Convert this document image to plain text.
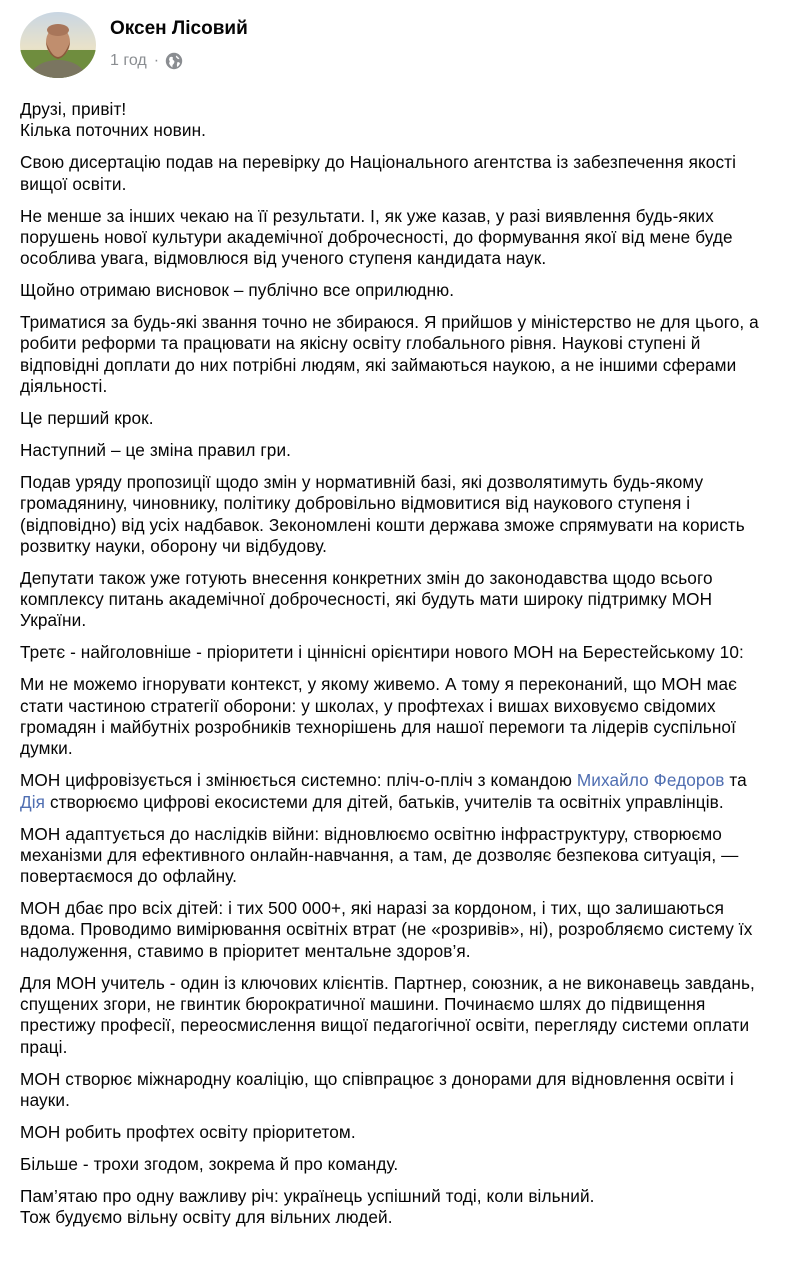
Оксен Лісовий
1 год ·

Друзі, привіт!
Кілька поточних новин.

Свою дисертацію подав на перевірку до Національного агентства із забезпечення якості вищої освіти.

Не менше за інших чекаю на її результати. І, як уже казав, у разі виявлення будь-яких порушень нової культури академічної доброчесності, до формування якої від мене буде особлива увага, відмовлюся від ученого ступеня кандидата наук.

Щойно отримаю висновок – публічно все оприлюдню.

Триматися за будь-які звання точно не збираюся. Я прийшов у міністерство не для цього, а робити реформи та працювати на якісну освіту глобального рівня. Наукові ступені й відповідні доплати до них потрібні людям, які займаються наукою, а не іншими сферами діяльності.

Це перший крок.

Наступний – це зміна правил гри.

Подав уряду пропозиції щодо змін у нормативній базі, які дозволятимуть будь-якому громадянину, чиновнику, політику добровільно відмовитися від наукового ступеня і (відповідно) від усіх надбавок. Зекономлені кошти держава зможе спрямувати на користь розвитку науки, оборону чи відбудову.

Депутати також уже готують внесення конкретних змін до законодавства щодо всього комплексу питань академічної доброчесності, які будуть мати широку підтримку МОН України.

Третє - найголовніше - пріоритети і ціннісні орієнтири нового МОН на Берестейському 10:

Ми не можемо ігнорувати контекст, у якому живемо. А тому я переконаний, що МОН має стати частиною стратегії оборони: у школах, у профтехах і вишах виховуємо свідомих громадян і майбутніх розробників технорішень для нашої перемоги та лідерів суспільної думки.

МОН цифровізується і змінюється системно: пліч-о-пліч з командою Михайло Федоров та Дія створюємо цифрові екосистеми для дітей, батьків, учителів та освітніх управлінців.

МОН адаптується до наслідків війни: відновлюємо освітню інфраструктуру, створюємо механізми для ефективного онлайн-навчання, а там, де дозволяє безпекова ситуація, — повертаємося до офлайну.

МОН дбає про всіх дітей: і тих 500 000+, які наразі за кордоном, і тих, що залишаються вдома. Проводимо вимірювання освітніх втрат (не «розривів», ні), розробляємо систему їх надолуження, ставимо в пріоритет ментальне здоров’я.

Для МОН учитель - один із ключових клієнтів. Партнер, союзник, а не виконавець завдань, спущених згори, не гвинтик бюрократичної машини. Починаємо шлях до підвищення престижу професії, переосмислення вищої педагогічної освіти, перегляду системи оплати праці.

МОН створює міжнародну коаліцію, що співпрацює з донорами для відновлення освіти і науки.

МОН робить профтех освіту пріоритетом.

Більше - трохи згодом, зокрема й про команду.

Пам’ятаю про одну важливу річ: українець успішний тоді, коли вільний.
Тож будуємо вільну освіту для вільних людей.
